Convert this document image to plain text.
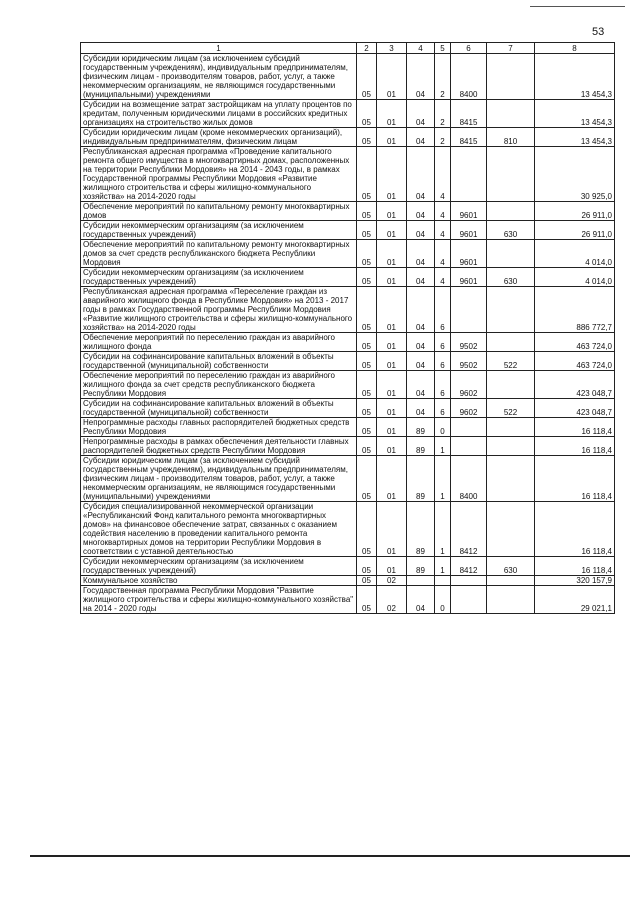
53
1	2	3	4	5	6	7	8
Субсидии юридическим лицам (за исключением субсидий государственным учреждениям), индивидуальным предпринимателям, физическим лицам - производителям товаров, работ, услуг, а также некоммерческим организациям, не являющимся государственными (муниципальными) учреждениями	05	01	04	2	8400		13 454,3
Субсидии на возмещение затрат застройщикам на уплату процентов по кредитам, полученным юридическими лицами в российских кредитных организациях на строительство жилых домов	05	01	04	2	8415		13 454,3
Субсидии юридическим лицам (кроме некоммерческих организаций), индивидуальным предпринимателям, физическим лицам	05	01	04	2	8415	810	13 454,3
Республиканская адресная программа «Проведение капитального ремонта общего имущества в многоквартирных домах, расположенных на территории Республики Мордовия» на 2014 - 2043 годы, в рамках Государственной программы Республики Мордовия «Развитие жилищного строительства и сферы жилищно-коммунального хозяйства» на 2014-2020 годы	05	01	04	4			30 925,0
Обеспечение мероприятий по капитальному ремонту многоквартирных домов	05	01	04	4	9601		26 911,0
Субсидии некоммерческим организациям (за исключением государственных учреждений)	05	01	04	4	9601	630	26 911,0
Обеспечение мероприятий по капитальному ремонту многоквартирных домов за счет средств республиканского бюджета Республики Мордовия	05	01	04	4	9601		4 014,0
Субсидии некоммерческим организациям (за исключением государственных учреждений)	05	01	04	4	9601	630	4 014,0
Республиканская адресная программа «Переселение граждан из аварийного жилищного фонда в Республике Мордовия» на 2013 - 2017 годы в рамках Государственной программы Республики Мордовия «Развитие жилищного строительства и сферы жилищно-коммунального хозяйства» на 2014-2020 годы	05	01	04	6			886 772,7
Обеспечение мероприятий по переселению граждан из аварийного жилищного фонда	05	01	04	6	9502		463 724,0
Субсидии на софинансирование капитальных вложений в объекты государственной (муниципальной) собственности	05	01	04	6	9502	522	463 724,0
Обеспечение мероприятий по переселению граждан из аварийного жилищного фонда за счет средств республиканского бюджета Республики Мордовия	05	01	04	6	9602		423 048,7
Субсидии на софинансирование капитальных вложений в объекты государственной (муниципальной) собственности	05	01	04	6	9602	522	423 048,7
Непрограммные расходы главных распорядителей бюджетных средств Республики Мордовия	05	01	89	0			16 118,4
Непрограммные расходы в рамках обеспечения деятельности главных распорядителей бюджетных средств Республики Мордовия	05	01	89	1			16 118,4
Субсидии юридическим лицам (за исключением субсидий государственным учреждениям), индивидуальным предпринимателям, физическим лицам - производителям товаров, работ, услуг, а также некоммерческим организациям, не являющимся государственными (муниципальными) учреждениями	05	01	89	1	8400		16 118,4
Субсидия специализированной некоммерческой организации «Республиканский Фонд капитального ремонта многоквартирных домов» на финансовое обеспечение затрат, связанных с оказанием содействия населению в проведении капитального ремонта многоквартирных домов на территории Республики Мордовия в соответствии с уставной деятельностью	05	01	89	1	8412		16 118,4
Субсидии некоммерческим организациям (за исключением государственных учреждений)	05	01	89	1	8412	630	16 118,4
Коммунальное хозяйство	05	02					320 157,9
Государственная программа Республики Мордовия "Развитие жилищного строительства и сферы жилищно-коммунального хозяйства" на 2014 - 2020 годы	05	02	04	0			29 021,1
